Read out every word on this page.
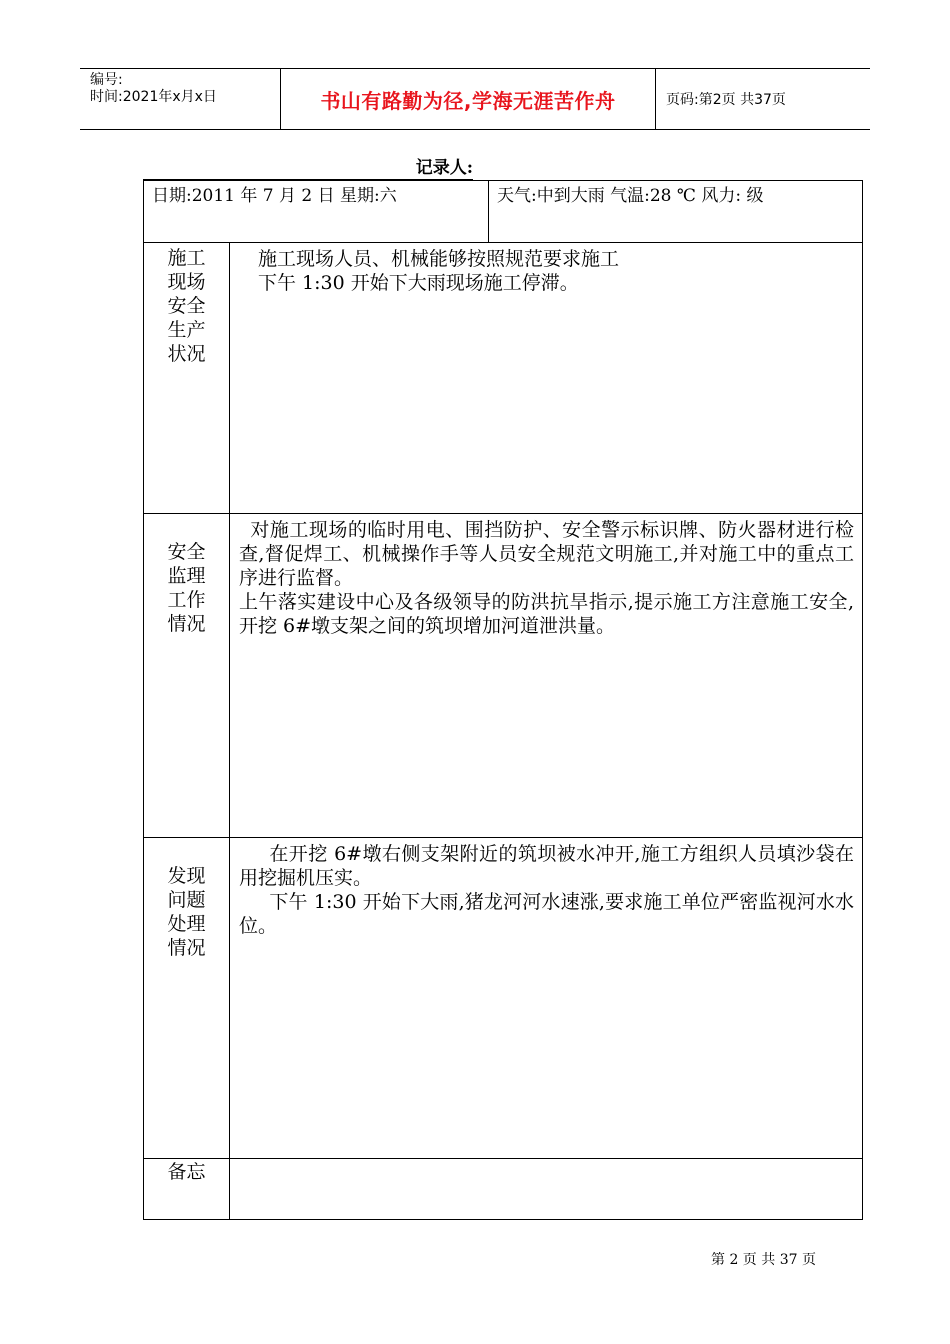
编号:
时间:2021年x月x日	书山有路勤为径,学海无涯苦作舟	页码:第2页 共37页
记录人:
日期:2011 年 7 月 2 日 星期:六		天气:中到大雨 气温:28 ℃ 风力: 级

施工现场安全生产状况	施工现场人员、机械能够按照规范要求施工

下午 1:30 开始下大雨现场施工停滞。	

安全监理工作情况	对施工现场的临时用电、围挡防护、安全警示标识牌、防火器材进行检查,督促焊工、机械操作手等人员安全规范文明施工,并对施工中的重点工序进行监督。

上午落实建设中心及各级领导的防洪抗旱指示,提示施工方注意施工安全,开挖 6#墩支架之间的筑坝增加河道泄洪量。	

发现问题处理情况	在开挖 6#墩右侧支架附近的筑坝被水冲开,施工方组织人员填沙袋在用挖掘机压实。

下午 1:30 开始下大雨,猪龙河河水速涨,要求施工单位严密监视河水水位。	

备忘		

第 2 页 共 37 页
